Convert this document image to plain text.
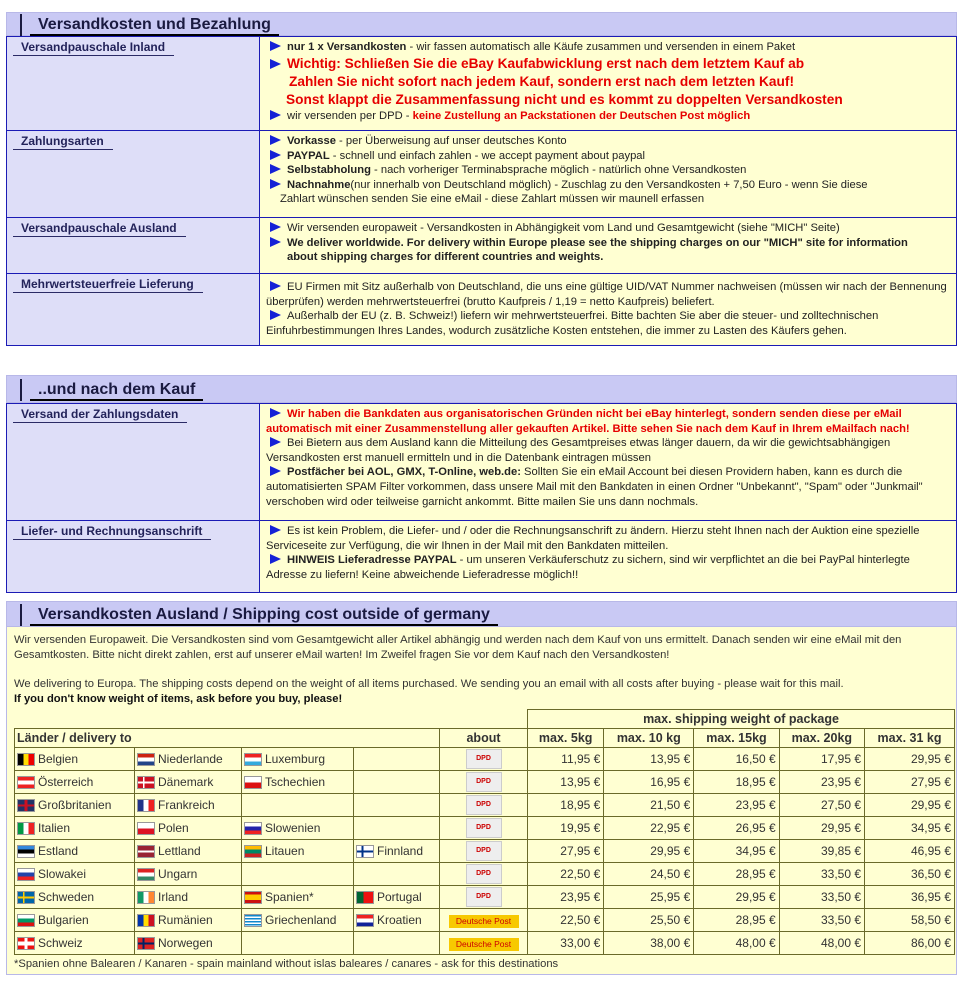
Versandkosten und Bezahlung
Versandpauschale Inland	nur 1 x Versandkosten - wir fassen automatisch alle Käufe zusammen und versenden in einem Paket
Wichtig: Schließen Sie die eBay Kaufabwicklung erst nach dem letztem Kauf ab
Zahlen Sie nicht sofort nach jedem Kauf, sondern erst nach dem letzten Kauf!
Sonst klappt die Zusammenfassung nicht und es kommt zu doppelten Versandkosten
wir versenden per DPD - keine Zustellung an Packstationen der Deutschen Post möglich

Zahlungsarten	Vorkasse - per Überweisung auf unser deutsches Konto
PAYPAL - schnell und einfach zahlen - we accept payment about paypal
Selbstabholung - nach vorheriger Terminabsprache möglich - natürlich ohne Versandkosten
Nachnahme(nur innerhalb von Deutschland möglich) - Zuschlag zu den Versandkosten + 7,50 Euro - wenn Sie diese
Zahlart wünschen senden Sie eine eMail - diese Zahlart müssen wir maunell erfassen

Versandpauschale Ausland	Wir versenden europaweit - Versandkosten in Abhängigkeit vom Land und Gesamtgewicht (siehe "MICH" Seite)
We deliver worldwide. For delivery within Europe please see the shipping charges on our "MICH" site for information
about shipping charges for different countries and weights.

Mehrwertsteuerfreie Lieferung	EU Firmen mit Sitz außerhalb von Deutschland, die uns eine gültige UID/VAT Nummer nachweisen (müssen wir nach der Bennenung überprüfen) werden mehrwertsteuerfrei (brutto Kaufpreis / 1,19 = netto Kaufpreis) beliefert.
Außerhalb der EU (z. B. Schweiz!) liefern wir mehrwertsteuerfrei. Bitte bachten Sie aber die steuer- und zolltechnischen Einfuhrbestimmungen Ihres Landes, wodurch zusätzliche Kosten entstehen, die immer zu Lasten des Käufers gehen.
..und nach dem Kauf
Versand der Zahlungsdaten	Wir haben die Bankdaten aus organisatorischen Gründen nicht bei eBay hinterlegt, sondern senden diese per eMail automatisch mit einer Zusammenstellung aller gekauften Artikel. Bitte sehen Sie nach dem Kauf in Ihrem eMailfach nach!
Bei Bietern aus dem Ausland kann die Mitteilung des Gesamtpreises etwas länger dauern, da wir die gewichtsabhängigen Versandkosten erst manuell ermitteln und in die Datenbank eintragen müssen
Postfächer bei AOL, GMX, T-Online, web.de: Sollten Sie ein eMail Account bei diesen Providern haben, kann es durch die automatisierten SPAM Filter vorkommen, dass unsere Mail mit den Bankdaten in einen Ordner "Unbekannt", "Spam" oder "Junkmail" verschoben wird oder teilweise garnicht ankommt. Bitte mailen Sie uns dann nochmals.

Liefer- und Rechnungsanschrift	Es ist kein Problem, die Liefer- und / oder die Rechnungsanschrift zu ändern. Hierzu steht Ihnen nach der Auktion eine spezielle Serviceseite zur Verfügung, die wir Ihnen in der Mail mit den Bankdaten mitteilen.
HINWEIS Lieferadresse PAYPAL - um unseren Verkäuferschutz zu sichern, sind wir verpflichtet an die bei PayPal hinterlegte Adresse zu liefern! Keine abweichende Lieferadresse möglich!!
Versandkosten Ausland / Shipping cost outside of germany
Wir versenden Europaweit. Die Versandkosten sind vom Gesamtgewicht aller Artikel abhängig und werden nach dem Kauf von uns ermittelt. Danach senden wir eine eMail mit den Gesamtkosten. Bitte nicht direkt zahlen, erst auf unserer eMail warten! Im Zweifel fragen Sie vor dem Kauf nach den Versandkosten!
We delivering to Europa. The shipping costs depend on the weight of all items purchased. We sending you an email with all costs after buying - please wait for this mail.
If you don't know weight of items, ask before you buy, please!
					max. shipping weight of package				
Länder / delivery to				about	max. 5kg	max. 10 kg	max. 15kg	max. 20kg	max. 31 kg
Belgien	Niederlande	Luxemburg		DPD	11,95 €	13,95 €	16,50 €	17,95 €	29,95 €
Österreich	Dänemark	Tschechien		DPD	13,95 €	16,95 €	18,95 €	23,95 €	27,95 €
Großbritanien	Frankreich			DPD	18,95 €	21,50 €	23,95 €	27,50 €	29,95 €
Italien	Polen	Slowenien		DPD	19,95 €	22,95 €	26,95 €	29,95 €	34,95 €
Estland	Lettland	Litauen	Finnland	DPD	27,95 €	29,95 €	34,95 €	39,85 €	46,95 €
Slowakei	Ungarn			DPD	22,50 €	24,50 €	28,95 €	33,50 €	36,50 €
Schweden	Irland	Spanien*	Portugal	DPD	23,95 €	25,95 €	29,95 €	33,50 €	36,95 €
Bulgarien	Rumänien	Griechenland	Kroatien	Deutsche Post	22,50 €	25,50 €	28,95 €	33,50 €	58,50 €
Schweiz	Norwegen			Deutsche Post	33,00 €	38,00 €	48,00 €	48,00 €	86,00 €
*Spanien ohne Balearen / Kanaren - spain mainland without islas baleares / canares - ask for this destinations
